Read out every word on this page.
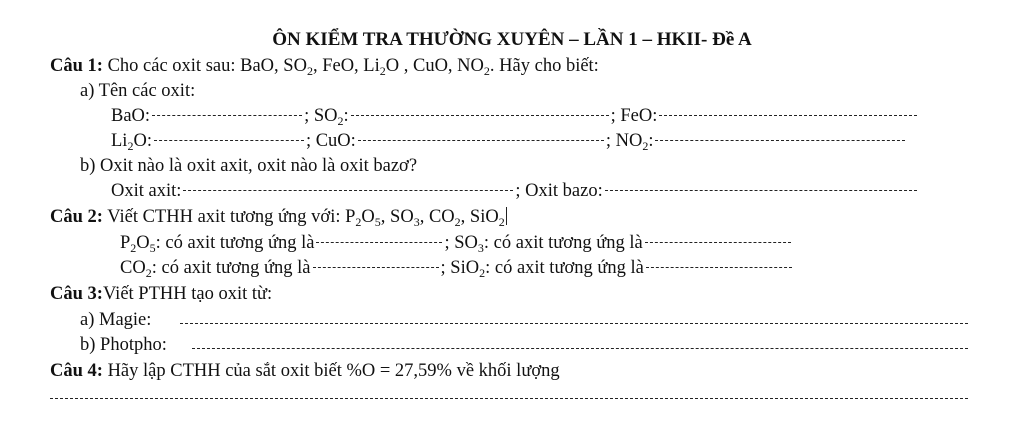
ÔN KIỂM TRA THƯỜNG XUYÊN – LẦN 1 – HKII- Đề A
Câu 1: Cho các oxit sau: BaO, $SO_2$, FeO, $Li_2O$ , CuO, $NO_2$. Hãy cho biết:
a) Tên các oxit:
BaO:	; $SO_2$:	; FeO:
$Li_2O$:	; CuO:	; $NO_2$:
b) Oxit nào là oxit axit, oxit nào là oxit bazơ?
Oxit axit:	; Oxit bazo:
Câu 2: Viết CTHH axit tương ứng với: $P_2O_5$, $SO_3$, $CO_2$, SiO$_2$
$P_2O_5$: có axit tương ứng là	; $SO_3$: có axit tương ứng là
$CO_2$: có axit tương ứng là	; SiO$_2$: có axit tương ứng là
Câu 3:Viết PTHH tạo oxit từ:
a) Magie:
b) Photpho:
Câu 4: Hãy lập CTHH của sắt oxit biết %O = 27,59% về khối lượng
